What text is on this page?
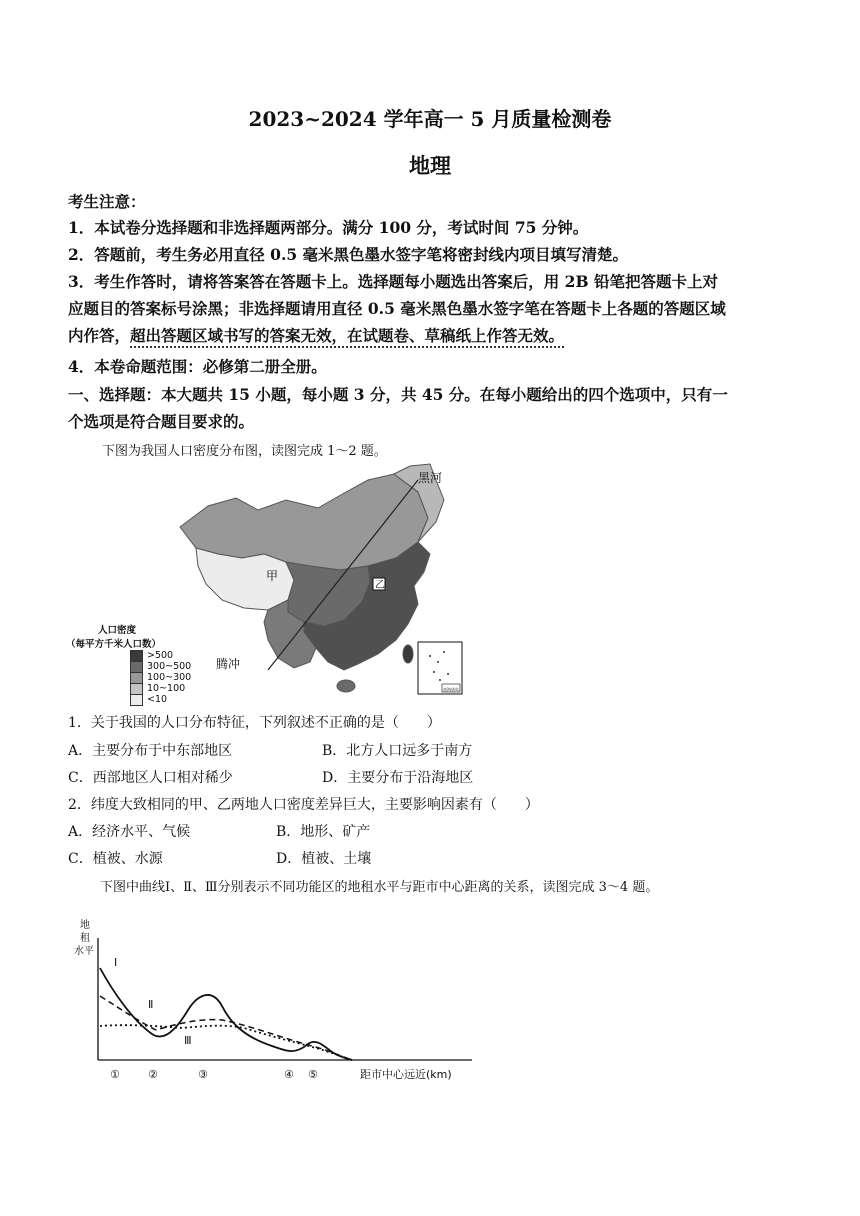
2023~2024 学年高一 5 月质量检测卷
地理
考生注意：
1．本试卷分选择题和非选择题两部分。满分 100 分，考试时间 75 分钟。
2．答题前，考生务必用直径 0.5 毫米黑色墨水签字笔将密封线内项目填写清楚。
3．考生作答时，请将答案答在答题卡上。选择题每小题选出答案后，用 2B 铅笔把答题卡上对
应题目的答案标号涂黑；非选择题请用直径 0.5 毫米黑色墨水签字笔在答题卡上各题的答题区域
内作答，超出答题区域书写的答案无效，在试题卷、草稿纸上作答无效。
4．本卷命题范围：必修第二册全册。
一、选择题：本大题共 15 小题，每小题 3 分，共 45 分。在每小题给出的四个选项中，只有一
个选项是符合题目要求的。
下图为我国人口密度分布图，读图完成 1～2 题。
乙
黑河
甲
腾冲
南海诸岛
人口密度
（每平方千米人口数）
>500
300~500
100~300
10~100
<10
1．关于我国的人口分布特征，下列叙述不正确的是（　　）
A．主要分布于中东部地区	B．北方人口远多于南方
C．西部地区人口相对稀少	D．主要分布于沿海地区
2．纬度大致相同的甲、乙两地人口密度差异巨大，主要影响因素有（　　）
A．经济水平、气候	B．地形、矿产
C．植被、水源	D．植被、土壤
下图中曲线Ⅰ、Ⅱ、Ⅲ分别表示不同功能区的地租水平与距市中心距离的关系，读图完成 3～4 题。
地
租
水平
Ⅰ
Ⅱ
Ⅲ
①	②	③	④ ⑤	距市中心远近(km)
